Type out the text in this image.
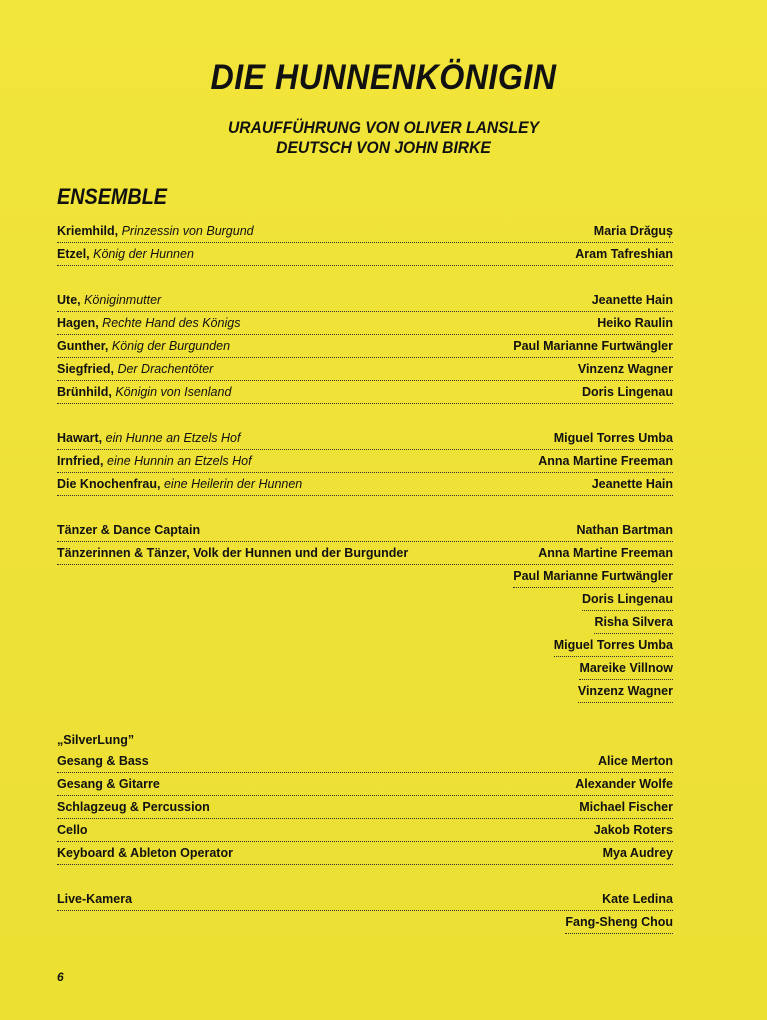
DIE HUNNENKÖNIGIN
URAUFFÜHRUNG VON OLIVER LANSLEY
DEUTSCH VON JOHN BIRKE
ENSEMBLE
Kriemhild, Prinzessin von Burgund	Maria Drăguș
Etzel, König der Hunnen	Aram Tafreshian
Ute, Königinmutter	Jeanette Hain
Hagen, Rechte Hand des Königs	Heiko Raulin
Gunther, König der Burgunden	Paul Marianne Furtwängler
Siegfried, Der Drachentöter	Vinzenz Wagner
Brünhild, Königin von Isenland	Doris Lingenau
Hawart, ein Hunne an Etzels Hof	Miguel Torres Umba
Irnfried, eine Hunnin an Etzels Hof	Anna Martine Freeman
Die Knochenfrau, eine Heilerin der Hunnen	Jeanette Hain
Tänzer & Dance Captain	Nathan Bartman
Tänzerinnen & Tänzer, Volk der Hunnen und der Burgunder	Anna Martine Freeman
Paul Marianne Furtwängler
Doris Lingenau
Risha Silvera
Miguel Torres Umba
Mareike Villnow
Vinzenz Wagner
„SilverLung”
Gesang & Bass	Alice Merton
Gesang & Gitarre	Alexander Wolfe
Schlagzeug & Percussion	Michael Fischer
Cello	Jakob Roters
Keyboard & Ableton Operator	Mya Audrey
Live-Kamera	Kate Ledina
Fang-Sheng Chou
6
